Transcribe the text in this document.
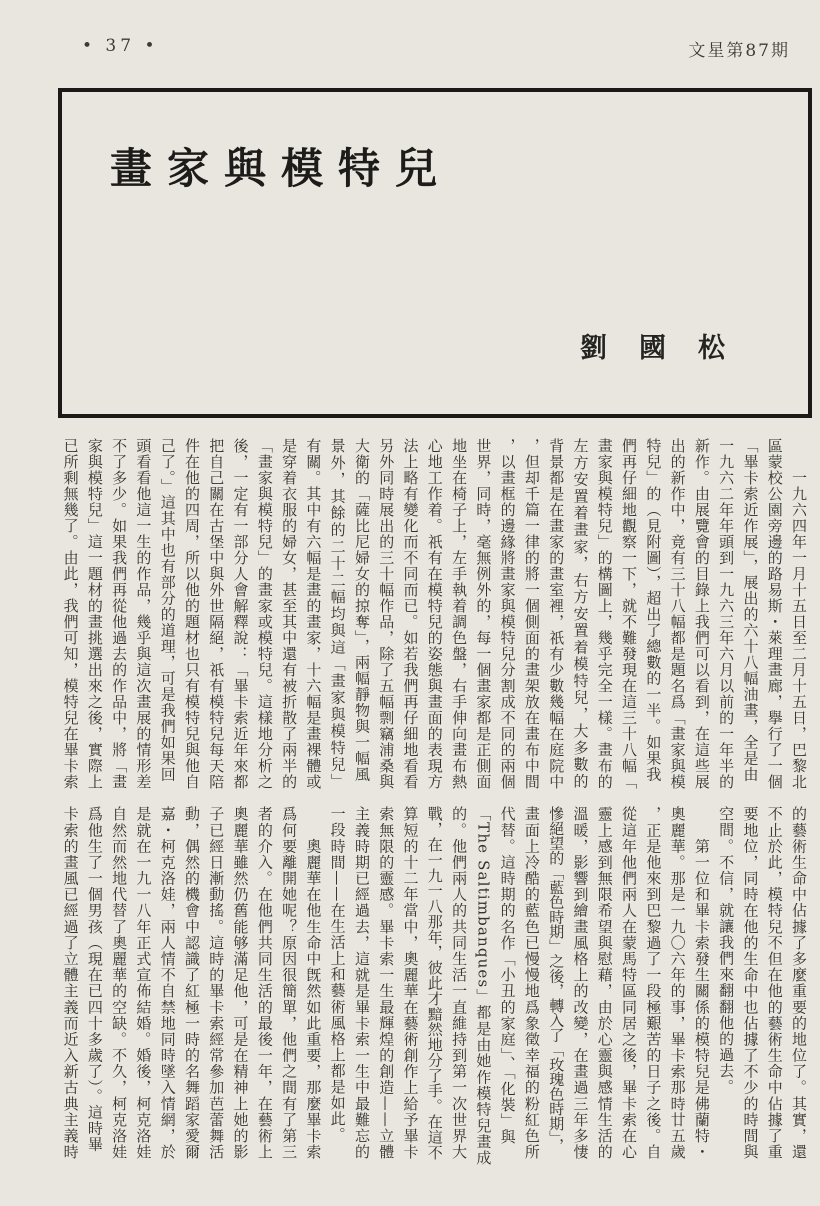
• 37 •	文星第87期
畫家與模特兒
劉國松

　　一九六四年一月十五日至二月十五日，巴黎北

區蒙校公園旁邊的路易斯・萊理畫廊，擧行了一個

「畢卡索近作展」，展出的六十八幅油畫，全是由

一九六二年年頭到一九六三年六月以前的一年半的

新作。由展覽會的目錄上我們可以看到，在這些展

出的新作中，竟有三十八幅都是題名爲「畫家與模

特兒」的（見附圖），超出了總數的一半。如果我

們再仔細地觀察一下，就不難發現在這三十八幅「

畫家與模特兒」的構圖上，幾乎完全一樣。畫布的

左方安置着畫家，右方安置着模特兒，大多數的

背景都是在畫家的畫室裡，祇有少數幾幅在庭院中

，但却千篇一律的將一個側面的畫架放在畫布中間

，以畫框的邊緣將畫家與模特兒分割成不同的兩個

世界，同時，毫無例外的，每一個畫家都是正側面

地坐在椅子上，左手執着調色盤，右手伸向畫布熱

心地工作着。祇有在模特兒的姿態與畫面的表現方

法上略有變化而不同而已。如若我們再仔細地看看

另外同時展出的三十幅作品，除了五幅剽竊浦桑與

大衛的「薩比尼婦女的掠奪」，兩幅靜物與一幅風

景外，其餘的二十二幅均與這「畫家與模特兒」

有關。其中有六幅是畫的畫家，十六幅是畫裸體或

是穿着衣服的婦女，甚至其中還有被折散了兩半的

「畫家與模特兒」的畫家或模特兒。這樣地分析之

後，一定有一部分人會解釋說：「畢卡索近年來都

把自己關在古堡中與外世隔絕，祇有模特兒每天陪

件在他的四周，所以他的題材也只有模特兒與他自

己了。」這其中也有部分的道理，可是我們如果回

頭看看他這一生的作品，幾乎與這次畫展的情形差

不了多少。如果我們再從他過去的作品中，將「畫

家與模特兒」這一題材的畫挑選出來之後，實際上

已所剩無幾了。由此，我們可知，模特兒在畢卡索

的藝術生命中佔據了多麼重要的地位了。其實，還

不止於此，模特兒不但在他的藝術生命中佔據了重

要地位，同時在他的生命中也佔據了不少的時間與

空間。不信，就讓我們來翻翻他的過去。

　　第一位和畢卡索發生關係的模特兒是佛蘭特・

奧麗華。那是一九〇六年的事，畢卡索那時廿五歲

，正是他來到巴黎過了一段極艱苦的日子之後。自

從這年他們兩人在蒙馬特區同居之後，畢卡索在心

靈上感到無限希望與慰藉，由於心靈與感情生活的

溫暖，影響到繪畫風格上的改變，在畫過三年多悽

慘絕望的「藍色時期」之後，轉入了「玫瑰色時期」，

畫面上冷酷的藍色已慢慢地爲象徵幸福的粉紅色所

代替。這時期的名作「小丑的家庭」、「化裝」與

「The Saltimbanques」都是由她作模特兒畫成

的。他們兩人的共同生活一直維持到第一次世界大

戰，在一九一八那年，彼此才黯然地分了手。在這不

算短的十二年當中，奧麗華在藝術創作上給予畢卡

索無限的靈感。畢卡索一生最輝煌的創造——立體

主義時期已經過去，這就是畢卡索一生中最難忘的

一段時間——在生活上和藝術風格上都是如此。

　　奧麗華在他生命中旣然如此重要，那麼畢卡索

爲何要離開她呢？原因很簡單，他們之間有了第三

者的介入。在他們共同生活的最後一年，在藝術上

奧麗華雖然仍舊能够滿足他，可是在精神上她的影

子已經日漸動搖。這時的畢卡索經常參加芭蕾舞活

動，偶然的機會中認識了紅極一時的名舞蹈家愛爾

嘉・柯克洛娃，兩人情不自禁地同時墜入情網，於

是就在一九一八年正式宣佈結婚。婚後，柯克洛娃

自然而然地代替了奧麗華的空缺。不久，柯克洛娃

爲他生了一個男孩（現在已四十多歲了）。這時畢

卡索的畫風已經過了立體主義而近入新古典主義時
